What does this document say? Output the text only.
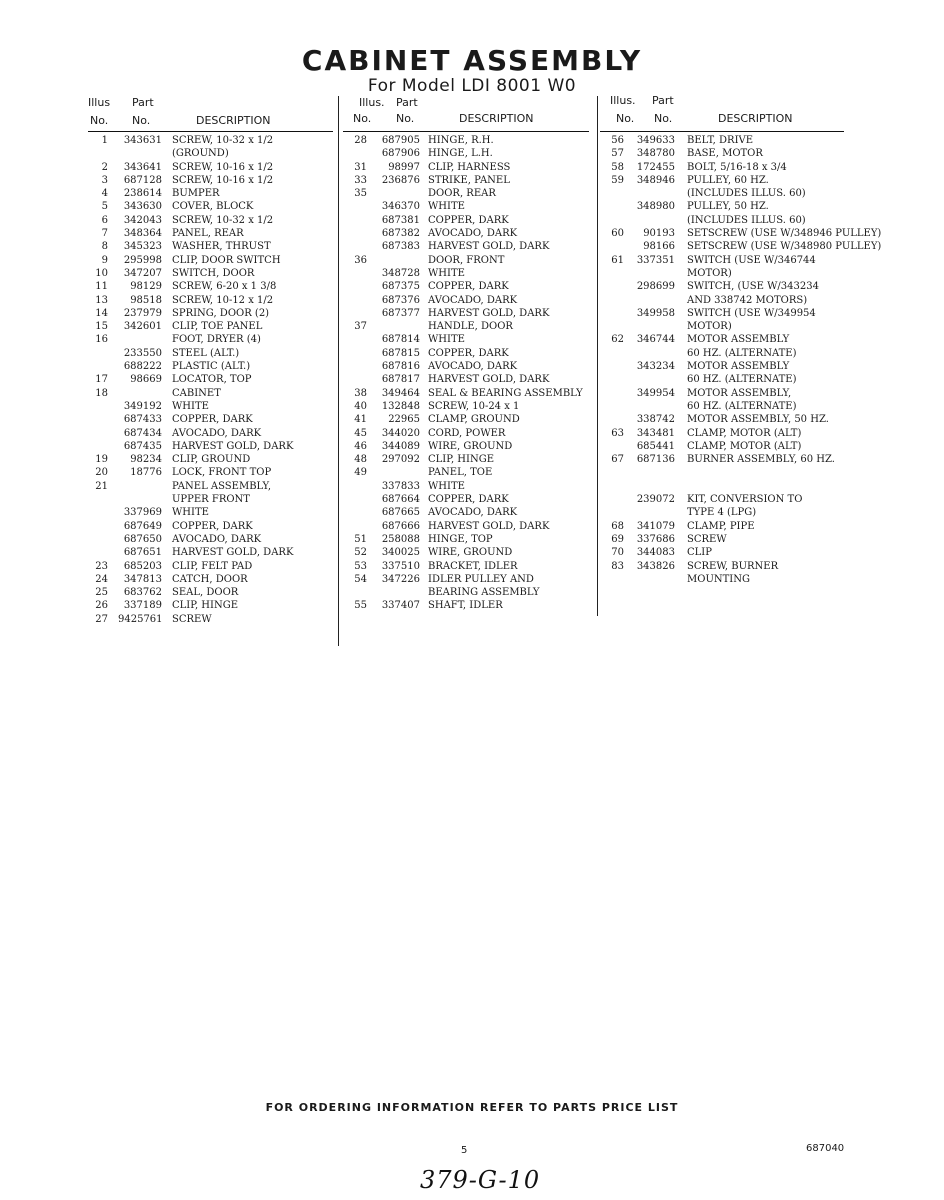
CABINET ASSEMBLY
For Model LDI 8001 W0
Illus Part
No. No.	DESCRIPTION
1	343631 SCREW, 10-32 x 1/2
(GROUND)
2	343641 SCREW, 10-16 x 1/2
3	687128 SCREW, 10-16 x 1/2
4	238614 BUMPER
5	343630 COVER, BLOCK
6	342043 SCREW, 10-32 x 1/2
7	348364 PANEL, REAR
8	345323 WASHER, THRUST
9	295998 CLIP, DOOR SWITCH
10	347207 SWITCH, DOOR
11	98129 SCREW, 6-20 x 1 3/8
13	98518 SCREW, 10-12 x 1/2
14	237979 SPRING, DOOR (2)
15	342601 CLIP, TOE PANEL
16	FOOT, DRYER (4)
233550 STEEL (ALT.)
688222 PLASTIC (ALT.)
17	98669 LOCATOR, TOP
18	CABINET
349192 WHITE
687433 COPPER, DARK
687434 AVOCADO, DARK
687435 HARVEST GOLD, DARK
19	98234 CLIP, GROUND
20	18776 LOCK, FRONT TOP
21	PANEL ASSEMBLY,
UPPER FRONT
337969 WHITE
687649 COPPER, DARK
687650 AVOCADO, DARK
687651 HARVEST GOLD, DARK
23	685203 CLIP, FELT PAD
24	347813 CATCH, DOOR
25	683762 SEAL, DOOR
26	337189 CLIP, HINGE
27 9425761 SCREW
Illus. Part
No. No.	DESCRIPTION
28	687905 HINGE, R.H.
687906 HINGE, L.H.
31	98997 CLIP, HARNESS
33	236876 STRIKE, PANEL
35	DOOR, REAR
346370 WHITE
687381 COPPER, DARK
687382 AVOCADO, DARK
687383 HARVEST GOLD, DARK
36	DOOR, FRONT
348728 WHITE
687375 COPPER, DARK
687376 AVOCADO, DARK
687377 HARVEST GOLD, DARK
37	HANDLE, DOOR
687814 WHITE
687815 COPPER, DARK
687816 AVOCADO, DARK
687817 HARVEST GOLD, DARK
38	349464 SEAL & BEARING ASSEMBLY
40	132848 SCREW, 10-24 x 1
41	22965 CLAMP, GROUND
45	344020 CORD, POWER
46	344089 WIRE, GROUND
48	297092 CLIP, HINGE
49	PANEL, TOE
337833 WHITE
687664 COPPER, DARK
687665 AVOCADO, DARK
687666 HARVEST GOLD, DARK
51	258088 HINGE, TOP
52	340025 WIRE, GROUND
53	337510 BRACKET, IDLER
54	347226 IDLER PULLEY AND
BEARING ASSEMBLY
55	337407 SHAFT, IDLER
Illus. Part
No. No.	DESCRIPTION
56	349633 BELT, DRIVE
57	348780 BASE, MOTOR
58	172455 BOLT, 5/16-18 x 3/4
59	348946 PULLEY, 60 HZ.
(INCLUDES ILLUS. 60)
348980 PULLEY, 50 HZ.
(INCLUDES ILLUS. 60)
60	90193 SETSCREW (USE W/348946 PULLEY)
98166 SETSCREW (USE W/348980 PULLEY)
61	337351 SWITCH (USE W/346744
MOTOR)
298699 SWITCH, (USE W/343234
AND 338742 MOTORS)
349958 SWITCH (USE W/349954
MOTOR)
62	346744 MOTOR ASSEMBLY
60 HZ. (ALTERNATE)
343234 MOTOR ASSEMBLY
60 HZ. (ALTERNATE)
349954 MOTOR ASSEMBLY,
60 HZ. (ALTERNATE)
338742 MOTOR ASSEMBLY, 50 HZ.
63	343481 CLAMP, MOTOR (ALT)
685441 CLAMP, MOTOR (ALT)
67	687136 BURNER ASSEMBLY, 60 HZ.
239072 KIT, CONVERSION TO
TYPE 4 (LPG)
68	341079 CLAMP, PIPE
69	337686 SCREW
70	344083 CLIP
83	343826 SCREW, BURNER
MOUNTING
FOR ORDERING INFORMATION REFER TO PARTS PRICE LIST
5	687040
379-G-10
